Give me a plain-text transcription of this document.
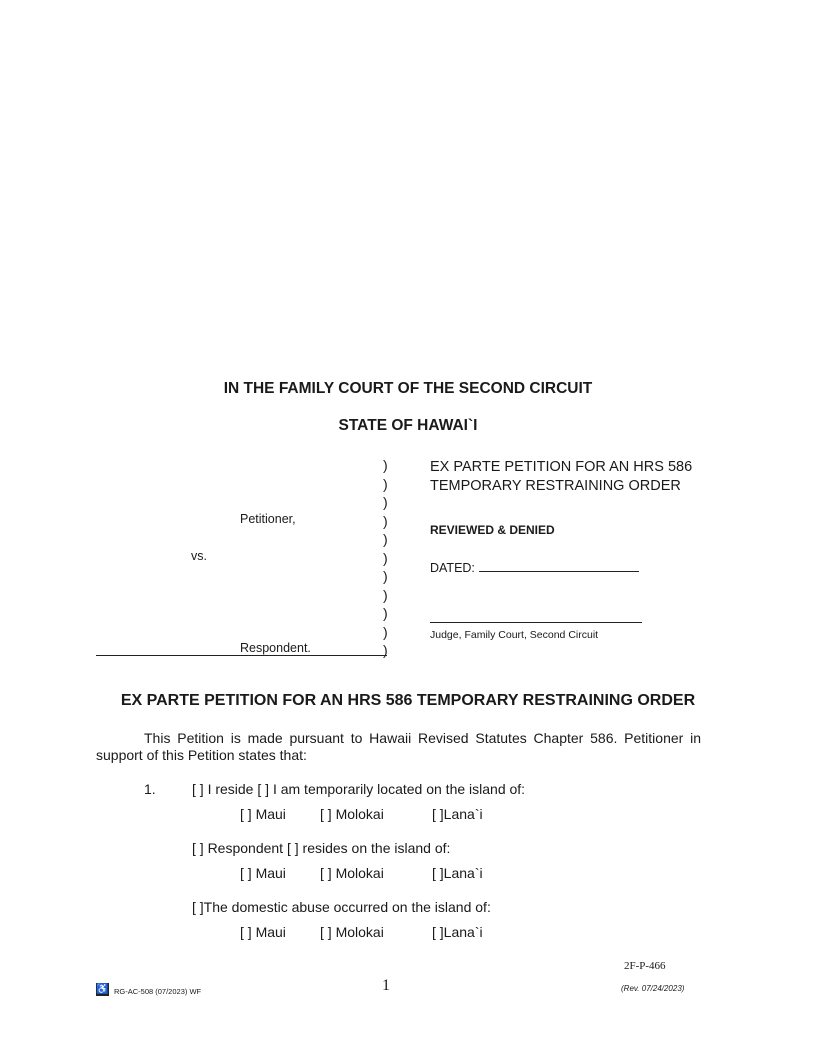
IN THE FAMILY COURT OF THE SECOND CIRCUIT
STATE OF HAWAI`I
)
)
)
)
)
)
)
)
)
)
)
Petitioner,
vs.
Respondent.
EX PARTE PETITION FOR AN HRS 586
TEMPORARY RESTRAINING ORDER
REVIEWED & DENIED
DATED:
Judge, Family Court, Second Circuit
EX PARTE PETITION FOR AN HRS 586 TEMPORARY RESTRAINING ORDER
This Petition is made pursuant to Hawaii Revised Statutes Chapter 586. Petitioner in support of this Petition states that:
1.	[ ] I reside [ ] I am temporarily located on the island of:
[ ] Maui [ ] Molokai	[ ]Lana`i
[ ] Respondent [ ] resides on the island of:
[ ] Maui [ ] Molokai	[ ]Lana`i
[ ]The domestic abuse occurred on the island of:
[ ] Maui [ ] Molokai	[ ]Lana`i
2F-P-466
1	(Rev. 07/24/2023)
♿ RG-AC-508 (07/2023) WF
